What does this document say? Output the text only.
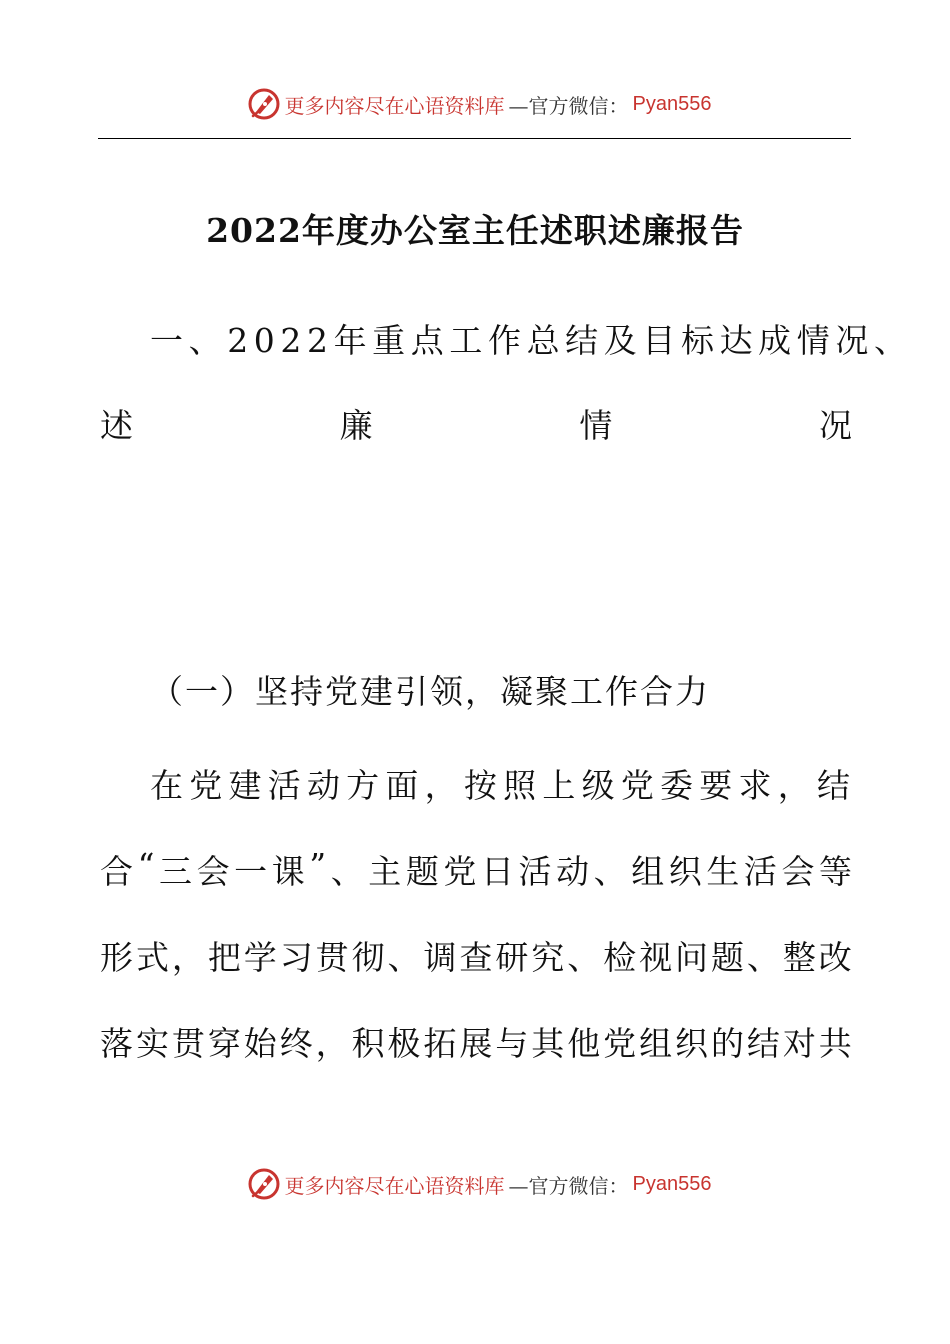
更多内容尽在心语资料库 —官方微信： Pyan556
2022年度办公室主任述职述廉报告
一、2022年重点工作总结及目标达成情况、
述	廉	情	况
（一）坚持党建引领，凝聚工作合力
在 党 建 活 动 方 面 ， 按 照 上 级 党 委 要 求 ， 结
合 “ 三 会 一 课 ” 、 主 题 党 日 活 动 、 组 织 生 活 会 等
形 式 ， 把 学 习 贯 彻 、 调 查 研 究 、 检 视 问 题 、 整 改
落 实 贯 穿 始 终 ， 积 极 拓 展 与 其 他 党 组 织 的 结 对 共
更多内容尽在心语资料库 —官方微信： Pyan556
